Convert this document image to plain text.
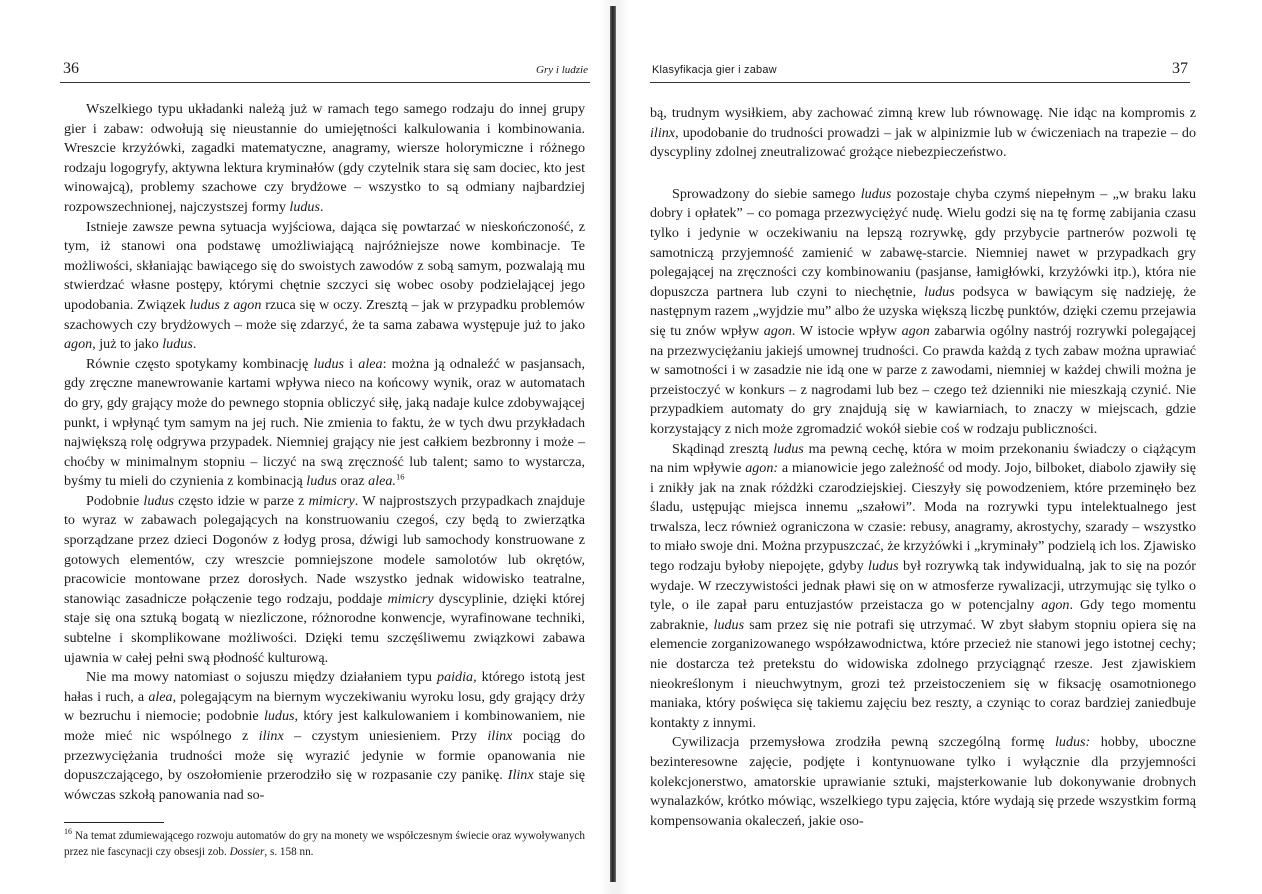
36	Gry i ludzie

Wszelkiego typu układanki należą już w ramach tego samego rodzaju do innej grupy gier i zabaw: odwołują się nieustannie do umiejętności kalkulowania i kombinowania. Wreszcie krzyżówki, zagadki matematyczne, anagramy, wiersze holorymiczne i różnego rodzaju logogryfy, aktywna lektura kryminałów (gdy czytelnik stara się sam dociec, kto jest winowajcą), problemy szachowe czy brydżowe – wszystko to są odmiany najbardziej rozpowszechnionej, najczystszej formy ludus.

Istnieje zawsze pewna sytuacja wyjściowa, dająca się powtarzać w nieskończoność, z tym, iż stanowi ona podstawę umożliwiającą najróżniejsze nowe kombinacje. Te możliwości, skłaniając bawiącego się do swoistych zawodów z sobą samym, pozwalają mu stwierdzać własne postępy, którymi chętnie szczyci się wobec osoby podzielającej jego upodobania. Związek ludus z agon rzuca się w oczy. Zresztą – jak w przypadku problemów szachowych czy brydżowych – może się zdarzyć, że ta sama zabawa występuje już to jako agon, już to jako ludus.

Równie często spotykamy kombinację ludus i alea: można ją odnaleźć w pasjansach, gdy zręczne manewrowanie kartami wpływa nieco na końcowy wynik, oraz w automatach do gry, gdy grający może do pewnego stopnia obliczyć siłę, jaką nadaje kulce zdobywającej punkt, i wpłynąć tym samym na jej ruch. Nie zmienia to faktu, że w tych dwu przykładach największą rolę odgrywa przypadek. Niemniej grający nie jest całkiem bezbronny i może – choćby w minimalnym stopniu – liczyć na swą zręczność lub talent; samo to wystarcza, byśmy tu mieli do czynienia z kombinacją ludus oraz alea.$^{16}$

Podobnie ludus często idzie w parze z mimicry. W najprostszych przypadkach znajduje to wyraz w zabawach polegających na konstruowaniu czegoś, czy będą to zwierzątka sporządzane przez dzieci Dogonów z łodyg prosa, dźwigi lub samochody konstruowane z gotowych elementów, czy wreszcie pomniejszone modele samolotów lub okrętów, pracowicie montowane przez dorosłych. Nade wszystko jednak widowisko teatralne, stanowiąc zasadnicze połączenie tego rodzaju, poddaje mimicry dyscyplinie, dzięki której staje się ona sztuką bogatą w niezliczone, różnorodne konwencje, wyrafinowane techniki, subtelne i skomplikowane możliwości. Dzięki temu szczęśliwemu związkowi zabawa ujawnia w całej pełni swą płodność kulturową.

Nie ma mowy natomiast o sojuszu między działaniem typu paidia, którego istotą jest hałas i ruch, a alea, polegającym na biernym wyczekiwaniu wyroku losu, gdy grający drży w bezruchu i niemocie; podobnie ludus, który jest kalkulowaniem i kombinowaniem, nie może mieć nic wspólnego z ilinx – czystym uniesieniem. Przy ilinx pociąg do przezwyciężania trudności może się wyrazić jedynie w formie opanowania nie dopuszczającego, by oszołomienie przerodziło się w rozpasanie czy panikę. Ilinx staje się wówczas szkołą panowania nad so-

$^{16}$ Na temat zdumiewającego rozwoju automatów do gry na monety we współczesnym świecie oraz wywoływanych przez nie fascynacji czy obsesji zob. Dossier, s. 158 nn.
Klasyfikacja gier i zabaw	37

bą, trudnym wysiłkiem, aby zachować zimną krew lub równowagę. Nie idąc na kompromis z ilinx, upodobanie do trudności prowadzi – jak w alpinizmie lub w ćwiczeniach na trapezie – do dyscypliny zdolnej zneutralizować grożące niebezpieczeństwo.

Sprowadzony do siebie samego ludus pozostaje chyba czymś niepełnym – „w braku laku dobry i opłatek” – co pomaga przezwyciężyć nudę. Wielu godzi się na tę formę zabijania czasu tylko i jedynie w oczekiwaniu na lepszą rozrywkę, gdy przybycie partnerów pozwoli tę samotniczą przyjemność zamienić w zabawę-starcie. Niemniej nawet w przypadkach gry polegającej na zręczności czy kombinowaniu (pasjanse, łamigłówki, krzyżówki itp.), która nie dopuszcza partnera lub czyni to niechętnie, ludus podsyca w bawiącym się nadzieję, że następnym razem „wyjdzie mu” albo że uzyska większą liczbę punktów, dzięki czemu przejawia się tu znów wpływ agon. W istocie wpływ agon zabarwia ogólny nastrój rozrywki polegającej na przezwyciężaniu jakiejś umownej trudności. Co prawda każdą z tych zabaw można uprawiać w samotności i w zasadzie nie idą one w parze z zawodami, niemniej w każdej chwili można je przeistoczyć w konkurs – z nagrodami lub bez – czego też dzienniki nie mieszkają czynić. Nie przypadkiem automaty do gry znajdują się w kawiarniach, to znaczy w miejscach, gdzie korzystający z nich może zgromadzić wokół siebie coś w rodzaju publiczności.

Skądinąd zresztą ludus ma pewną cechę, która w moim przekonaniu świadczy o ciążącym na nim wpływie agon: a mianowicie jego zależność od mody. Jojo, bilboket, diabolo zjawiły się i znikły jak na znak różdżki czarodziejskiej. Cieszyły się powodzeniem, które przeminęło bez śladu, ustępując miejsca innemu „szałowi”. Moda na rozrywki typu intelektualnego jest trwalsza, lecz również ograniczona w czasie: rebusy, anagramy, akrostychy, szarady – wszystko to miało swoje dni. Można przypuszczać, że krzyżówki i „kryminały” podzielą ich los. Zjawisko tego rodzaju byłoby niepojęte, gdyby ludus był rozrywką tak indywidualną, jak to się na pozór wydaje. W rzeczywistości jednak pławi się on w atmosferze rywalizacji, utrzymując się tylko o tyle, o ile zapał paru entuzjastów przeistacza go w potencjalny agon. Gdy tego momentu zabraknie, ludus sam przez się nie potrafi się utrzymać. W zbyt słabym stopniu opiera się na elemencie zorganizowanego współzawodnictwa, które przecież nie stanowi jego istotnej cechy; nie dostarcza też pretekstu do widowiska zdolnego przyciągnąć rzesze. Jest zjawiskiem nieokreślonym i nieuchwytnym, grozi też przeistoczeniem się w fiksację osamotnionego maniaka, który poświęca się takiemu zajęciu bez reszty, a czyniąc to coraz bardziej zaniedbuje kontakty z innymi.

Cywilizacja przemysłowa zrodziła pewną szczególną formę ludus: hobby, uboczne bezinteresowne zajęcie, podjęte i kontynuowane tylko i wyłącznie dla przyjemności kolekcjonerstwo, amatorskie uprawianie sztuki, majsterkowanie lub dokonywanie drobnych wynalazków, krótko mówiąc, wszelkiego typu zajęcia, które wydają się przede wszystkim formą kompensowania okaleczeń, jakie oso-
